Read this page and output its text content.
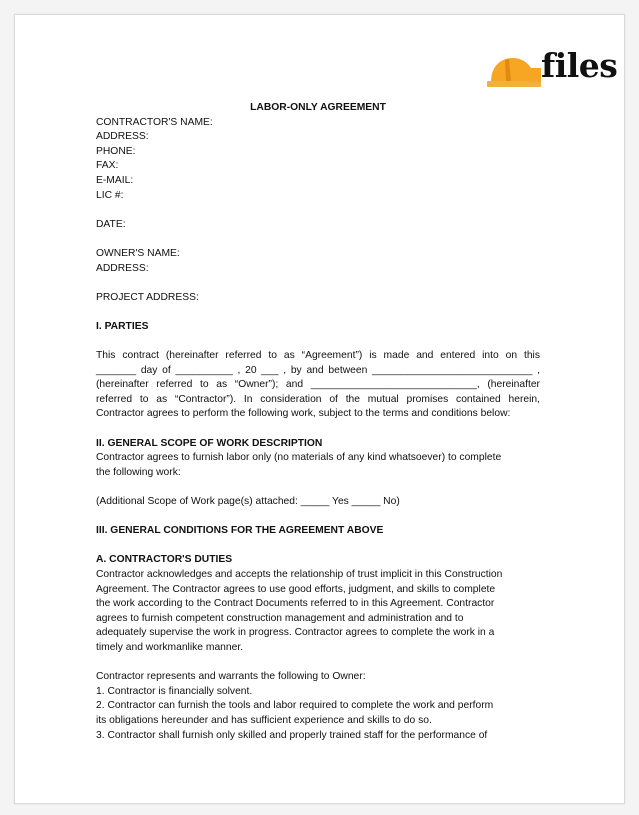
files
LABOR-ONLY AGREEMENT
CONTRACTOR'S NAME:
ADDRESS:
PHONE:
FAX:
E-MAIL:
LIC #:
DATE:
OWNER'S NAME:
ADDRESS:
PROJECT ADDRESS:
I. PARTIES
This contract (hereinafter referred to as “Agreement”) is made and entered into on this
_______ day of __________ , 20 ___ , by and between ____________________________ ,
(hereinafter referred to as “Owner”); and _____________________________, (hereinafter
referred to as “Contractor”). In consideration of the mutual promises contained herein,
Contractor agrees to perform the following work, subject to the terms and conditions below:
II. GENERAL SCOPE OF WORK DESCRIPTION
Contractor agrees to furnish labor only (no materials of any kind whatsoever) to complete
the following work:
(Additional Scope of Work page(s) attached: _____ Yes _____ No)
III. GENERAL CONDITIONS FOR THE AGREEMENT ABOVE
A. CONTRACTOR'S DUTIES
Contractor acknowledges and accepts the relationship of trust implicit in this Construction
Agreement. The Contractor agrees to use good efforts, judgment, and skills to complete
the work according to the Contract Documents referred to in this Agreement. Contractor
agrees to furnish competent construction management and administration and to
adequately supervise the work in progress. Contractor agrees to complete the work in a
timely and workmanlike manner.
Contractor represents and warrants the following to Owner:
1. Contractor is financially solvent.
2. Contractor can furnish the tools and labor required to complete the work and perform
its obligations hereunder and has sufficient experience and skills to do so.
3. Contractor shall furnish only skilled and properly trained staff for the performance of
